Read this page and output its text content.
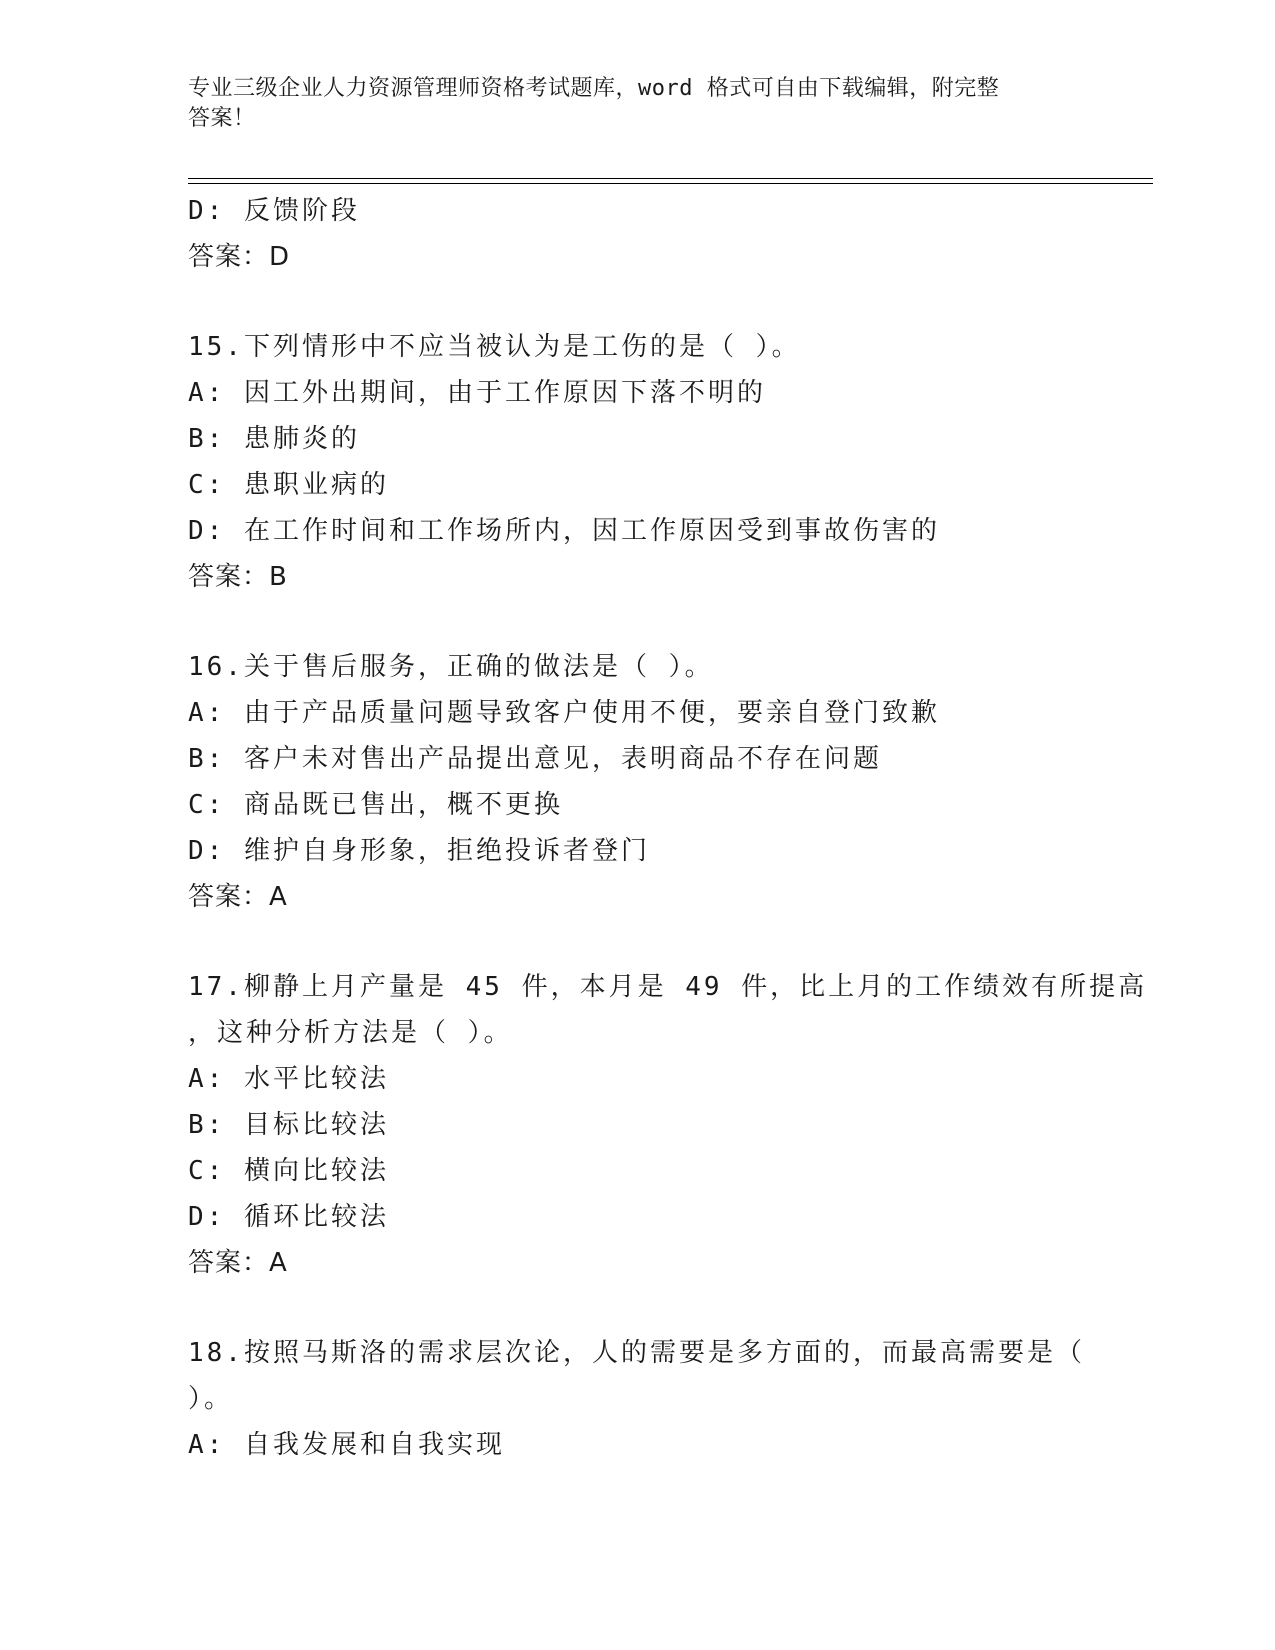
专业三级企业人力资源管理师资格考试题库，word 格式可自由下载编辑，附完整
答案！
D: 反馈阶段
答案：D
15.下列情形中不应当被认为是工伤的是（ ）。
A: 因工外出期间，由于工作原因下落不明的
B: 患肺炎的
C: 患职业病的
D: 在工作时间和工作场所内，因工作原因受到事故伤害的
答案：B
16.关于售后服务，正确的做法是（ ）。
A: 由于产品质量问题导致客户使用不便，要亲自登门致歉
B: 客户未对售出产品提出意见，表明商品不存在问题
C: 商品既已售出，概不更换
D: 维护自身形象，拒绝投诉者登门
答案：A
17.柳静上月产量是 45 件，本月是 49 件，比上月的工作绩效有所提高
，这种分析方法是（ ）。
A: 水平比较法
B: 目标比较法
C: 横向比较法
D: 循环比较法
答案：A
18.按照马斯洛的需求层次论，人的需要是多方面的，而最高需要是（
）。
A: 自我发展和自我实现
